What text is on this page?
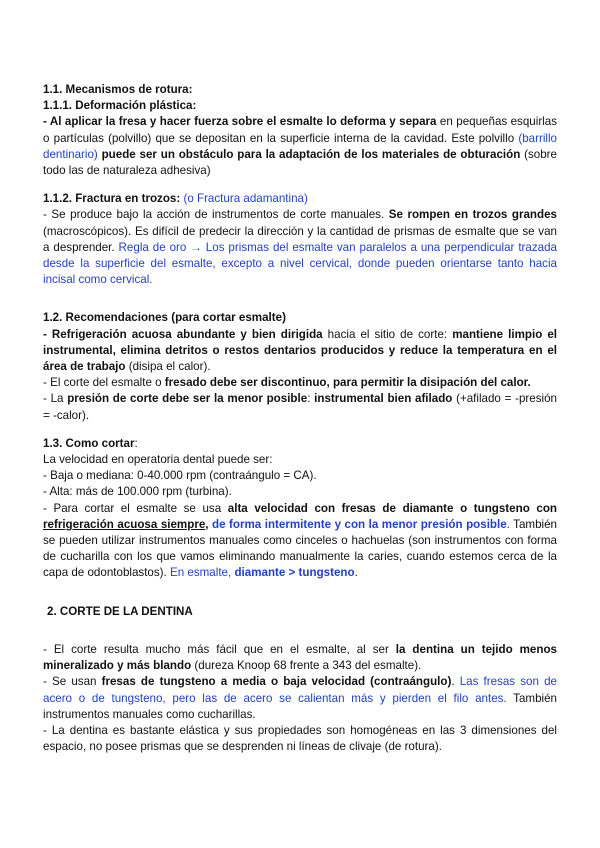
1.1. Mecanismos de rotura:

1.1.1. Deformación plástica:

- Al aplicar la fresa y hacer fuerza sobre el esmalte lo deforma y separa en pequeñas esquirlas o partículas (polvillo) que se depositan en la superficie interna de la cavidad. Este polvillo (barrillo dentinario) puede ser un obstáculo para la adaptación de los materiales de obturación (sobre todo las de naturaleza adhesiva)

1.1.2. Fractura en trozos: (o Fractura adamantina)

- Se produce bajo la acción de instrumentos de corte manuales. Se rompen en trozos grandes (macroscópicos). Es difícil de predecir la dirección y la cantidad de prismas de esmalte que se van a desprender. Regla de oro → Los prismas del esmalte van paralelos a una perpendicular trazada desde la superficie del esmalte, excepto a nivel cervical, donde pueden orientarse tanto hacia incisal como cervical.

1.2. Recomendaciones (para cortar esmalte)

- Refrigeración acuosa abundante y bien dirigida hacia el sitio de corte: mantiene limpio el instrumental, elimina detritos o restos dentarios producidos y reduce la temperatura en el área de trabajo (disipa el calor).

- El corte del esmalte o fresado debe ser discontinuo, para permitir la disipación del calor.

- La presión de corte debe ser la menor posible: instrumental bien afilado (+afilado = -presión = -calor).

1.3. Como cortar:

La velocidad en operatoria dental puede ser:

- Baja o mediana: 0-40.000 rpm (contraángulo = CA).

- Alta: más de 100.000 rpm (turbina).

- Para cortar el esmalte se usa alta velocidad con fresas de diamante o tungsteno con refrigeración acuosa siempre, de forma intermitente y con la menor presión posible. También se pueden utilizar instrumentos manuales como cinceles o hachuelas (son instrumentos con forma de cucharilla con los que vamos eliminando manualmente la caries, cuando estemos cerca de la capa de odontoblastos). En esmalte, diamante > tungsteno.

2. CORTE DE LA DENTINA

- El corte resulta mucho más fácil que en el esmalte, al ser la dentina un tejido menos mineralizado y más blando (dureza Knoop 68 frente a 343 del esmalte).

- Se usan fresas de tungsteno a media o baja velocidad (contraángulo). Las fresas son de acero o de tungsteno, pero las de acero se calientan más y pierden el filo antes. También instrumentos manuales como cucharillas.

- La dentina es bastante elástica y sus propiedades son homogéneas en las 3 dimensiones del espacio, no posee prismas que se desprenden ni líneas de clivaje (de rotura).
